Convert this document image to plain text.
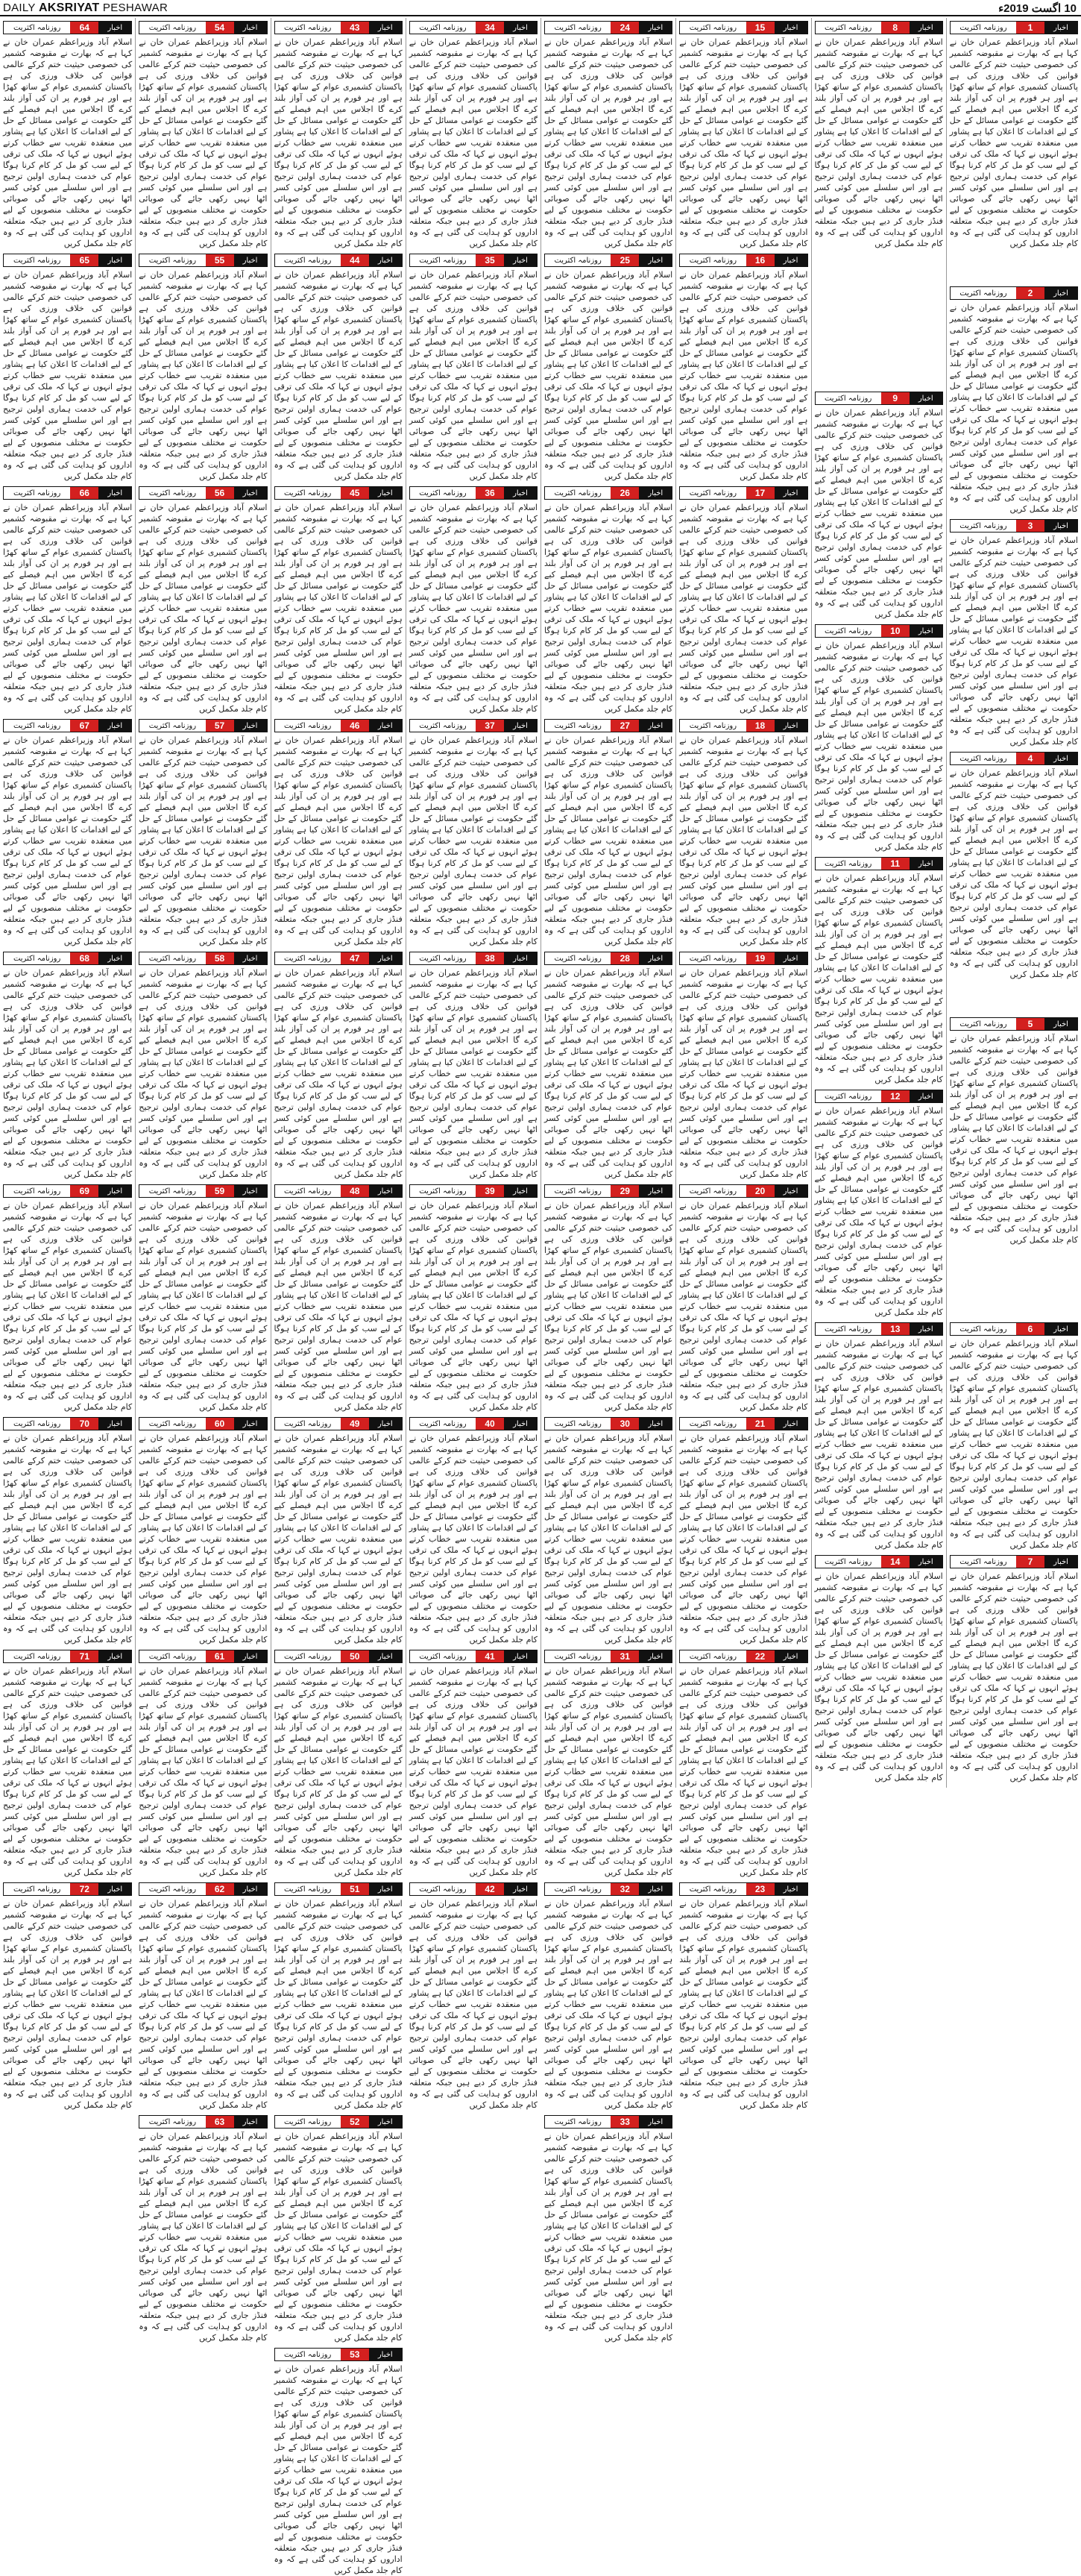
DAILY AKSRIYAT PESHAWAR	10 اگست 2019ء
اخبار
1
روزنامہ اکثریت
اسلام آباد وزیراعظم عمران خان نے کہا ہے کہ بھارت نے مقبوضہ کشمیر کی خصوصی حیثیت ختم کرکے عالمی قوانین کی خلاف ورزی کی ہے پاکستان کشمیری عوام کے ساتھ کھڑا ہے اور ہر فورم پر ان کی آواز بلند کرے گا اجلاس میں اہم فیصلے کیے گئے حکومت نے عوامی مسائل کے حل کے لیے اقدامات کا اعلان کیا ہے پشاور میں منعقدہ تقریب سے خطاب کرتے ہوئے انہوں نے کہا کہ ملک کی ترقی کے لیے سب کو مل کر کام کرنا ہوگا عوام کی خدمت ہماری اولین ترجیح ہے اور اس سلسلے میں کوئی کسر اٹھا نہیں رکھی جائے گی صوبائی حکومت نے مختلف منصوبوں کے لیے فنڈز جاری کر دیے ہیں جبکہ متعلقہ اداروں کو ہدایت کی گئی ہے کہ وہ کام جلد مکمل کریں
اخبار
2
روزنامہ اکثریت
اسلام آباد وزیراعظم عمران خان نے کہا ہے کہ بھارت نے مقبوضہ کشمیر کی خصوصی حیثیت ختم کرکے عالمی قوانین کی خلاف ورزی کی ہے پاکستان کشمیری عوام کے ساتھ کھڑا ہے اور ہر فورم پر ان کی آواز بلند کرے گا اجلاس میں اہم فیصلے کیے گئے حکومت نے عوامی مسائل کے حل کے لیے اقدامات کا اعلان کیا ہے پشاور میں منعقدہ تقریب سے خطاب کرتے ہوئے انہوں نے کہا کہ ملک کی ترقی کے لیے سب کو مل کر کام کرنا ہوگا عوام کی خدمت ہماری اولین ترجیح ہے اور اس سلسلے میں کوئی کسر اٹھا نہیں رکھی جائے گی صوبائی حکومت نے مختلف منصوبوں کے لیے فنڈز جاری کر دیے ہیں جبکہ متعلقہ اداروں کو ہدایت کی گئی ہے کہ وہ کام جلد مکمل کریں
اخبار
3
روزنامہ اکثریت
اسلام آباد وزیراعظم عمران خان نے کہا ہے کہ بھارت نے مقبوضہ کشمیر کی خصوصی حیثیت ختم کرکے عالمی قوانین کی خلاف ورزی کی ہے پاکستان کشمیری عوام کے ساتھ کھڑا ہے اور ہر فورم پر ان کی آواز بلند کرے گا اجلاس میں اہم فیصلے کیے گئے حکومت نے عوامی مسائل کے حل کے لیے اقدامات کا اعلان کیا ہے پشاور میں منعقدہ تقریب سے خطاب کرتے ہوئے انہوں نے کہا کہ ملک کی ترقی کے لیے سب کو مل کر کام کرنا ہوگا عوام کی خدمت ہماری اولین ترجیح ہے اور اس سلسلے میں کوئی کسر اٹھا نہیں رکھی جائے گی صوبائی حکومت نے مختلف منصوبوں کے لیے فنڈز جاری کر دیے ہیں جبکہ متعلقہ اداروں کو ہدایت کی گئی ہے کہ وہ کام جلد مکمل کریں
اخبار
4
روزنامہ اکثریت
اسلام آباد وزیراعظم عمران خان نے کہا ہے کہ بھارت نے مقبوضہ کشمیر کی خصوصی حیثیت ختم کرکے عالمی قوانین کی خلاف ورزی کی ہے پاکستان کشمیری عوام کے ساتھ کھڑا ہے اور ہر فورم پر ان کی آواز بلند کرے گا اجلاس میں اہم فیصلے کیے گئے حکومت نے عوامی مسائل کے حل کے لیے اقدامات کا اعلان کیا ہے پشاور میں منعقدہ تقریب سے خطاب کرتے ہوئے انہوں نے کہا کہ ملک کی ترقی کے لیے سب کو مل کر کام کرنا ہوگا عوام کی خدمت ہماری اولین ترجیح ہے اور اس سلسلے میں کوئی کسر اٹھا نہیں رکھی جائے گی صوبائی حکومت نے مختلف منصوبوں کے لیے فنڈز جاری کر دیے ہیں جبکہ متعلقہ اداروں کو ہدایت کی گئی ہے کہ وہ کام جلد مکمل کریں
اخبار
5
روزنامہ اکثریت
اسلام آباد وزیراعظم عمران خان نے کہا ہے کہ بھارت نے مقبوضہ کشمیر کی خصوصی حیثیت ختم کرکے عالمی قوانین کی خلاف ورزی کی ہے پاکستان کشمیری عوام کے ساتھ کھڑا ہے اور ہر فورم پر ان کی آواز بلند کرے گا اجلاس میں اہم فیصلے کیے گئے حکومت نے عوامی مسائل کے حل کے لیے اقدامات کا اعلان کیا ہے پشاور میں منعقدہ تقریب سے خطاب کرتے ہوئے انہوں نے کہا کہ ملک کی ترقی کے لیے سب کو مل کر کام کرنا ہوگا عوام کی خدمت ہماری اولین ترجیح ہے اور اس سلسلے میں کوئی کسر اٹھا نہیں رکھی جائے گی صوبائی حکومت نے مختلف منصوبوں کے لیے فنڈز جاری کر دیے ہیں جبکہ متعلقہ اداروں کو ہدایت کی گئی ہے کہ وہ کام جلد مکمل کریں
اخبار
6
روزنامہ اکثریت
اسلام آباد وزیراعظم عمران خان نے کہا ہے کہ بھارت نے مقبوضہ کشمیر کی خصوصی حیثیت ختم کرکے عالمی قوانین کی خلاف ورزی کی ہے پاکستان کشمیری عوام کے ساتھ کھڑا ہے اور ہر فورم پر ان کی آواز بلند کرے گا اجلاس میں اہم فیصلے کیے گئے حکومت نے عوامی مسائل کے حل کے لیے اقدامات کا اعلان کیا ہے پشاور میں منعقدہ تقریب سے خطاب کرتے ہوئے انہوں نے کہا کہ ملک کی ترقی کے لیے سب کو مل کر کام کرنا ہوگا عوام کی خدمت ہماری اولین ترجیح ہے اور اس سلسلے میں کوئی کسر اٹھا نہیں رکھی جائے گی صوبائی حکومت نے مختلف منصوبوں کے لیے فنڈز جاری کر دیے ہیں جبکہ متعلقہ اداروں کو ہدایت کی گئی ہے کہ وہ کام جلد مکمل کریں
اخبار
7
روزنامہ اکثریت
اسلام آباد وزیراعظم عمران خان نے کہا ہے کہ بھارت نے مقبوضہ کشمیر کی خصوصی حیثیت ختم کرکے عالمی قوانین کی خلاف ورزی کی ہے پاکستان کشمیری عوام کے ساتھ کھڑا ہے اور ہر فورم پر ان کی آواز بلند کرے گا اجلاس میں اہم فیصلے کیے گئے حکومت نے عوامی مسائل کے حل کے لیے اقدامات کا اعلان کیا ہے پشاور میں منعقدہ تقریب سے خطاب کرتے ہوئے انہوں نے کہا کہ ملک کی ترقی کے لیے سب کو مل کر کام کرنا ہوگا عوام کی خدمت ہماری اولین ترجیح ہے اور اس سلسلے میں کوئی کسر اٹھا نہیں رکھی جائے گی صوبائی حکومت نے مختلف منصوبوں کے لیے فنڈز جاری کر دیے ہیں جبکہ متعلقہ اداروں کو ہدایت کی گئی ہے کہ وہ کام جلد مکمل کریں
اخبار
8
روزنامہ اکثریت
اسلام آباد وزیراعظم عمران خان نے کہا ہے کہ بھارت نے مقبوضہ کشمیر کی خصوصی حیثیت ختم کرکے عالمی قوانین کی خلاف ورزی کی ہے پاکستان کشمیری عوام کے ساتھ کھڑا ہے اور ہر فورم پر ان کی آواز بلند کرے گا اجلاس میں اہم فیصلے کیے گئے حکومت نے عوامی مسائل کے حل کے لیے اقدامات کا اعلان کیا ہے پشاور میں منعقدہ تقریب سے خطاب کرتے ہوئے انہوں نے کہا کہ ملک کی ترقی کے لیے سب کو مل کر کام کرنا ہوگا عوام کی خدمت ہماری اولین ترجیح ہے اور اس سلسلے میں کوئی کسر اٹھا نہیں رکھی جائے گی صوبائی حکومت نے مختلف منصوبوں کے لیے فنڈز جاری کر دیے ہیں جبکہ متعلقہ اداروں کو ہدایت کی گئی ہے کہ وہ کام جلد مکمل کریں
اخبار
9
روزنامہ اکثریت
اسلام آباد وزیراعظم عمران خان نے کہا ہے کہ بھارت نے مقبوضہ کشمیر کی خصوصی حیثیت ختم کرکے عالمی قوانین کی خلاف ورزی کی ہے پاکستان کشمیری عوام کے ساتھ کھڑا ہے اور ہر فورم پر ان کی آواز بلند کرے گا اجلاس میں اہم فیصلے کیے گئے حکومت نے عوامی مسائل کے حل کے لیے اقدامات کا اعلان کیا ہے پشاور میں منعقدہ تقریب سے خطاب کرتے ہوئے انہوں نے کہا کہ ملک کی ترقی کے لیے سب کو مل کر کام کرنا ہوگا عوام کی خدمت ہماری اولین ترجیح ہے اور اس سلسلے میں کوئی کسر اٹھا نہیں رکھی جائے گی صوبائی حکومت نے مختلف منصوبوں کے لیے فنڈز جاری کر دیے ہیں جبکہ متعلقہ اداروں کو ہدایت کی گئی ہے کہ وہ کام جلد مکمل کریں
اخبار
10
روزنامہ اکثریت
اسلام آباد وزیراعظم عمران خان نے کہا ہے کہ بھارت نے مقبوضہ کشمیر کی خصوصی حیثیت ختم کرکے عالمی قوانین کی خلاف ورزی کی ہے پاکستان کشمیری عوام کے ساتھ کھڑا ہے اور ہر فورم پر ان کی آواز بلند کرے گا اجلاس میں اہم فیصلے کیے گئے حکومت نے عوامی مسائل کے حل کے لیے اقدامات کا اعلان کیا ہے پشاور میں منعقدہ تقریب سے خطاب کرتے ہوئے انہوں نے کہا کہ ملک کی ترقی کے لیے سب کو مل کر کام کرنا ہوگا عوام کی خدمت ہماری اولین ترجیح ہے اور اس سلسلے میں کوئی کسر اٹھا نہیں رکھی جائے گی صوبائی حکومت نے مختلف منصوبوں کے لیے فنڈز جاری کر دیے ہیں جبکہ متعلقہ اداروں کو ہدایت کی گئی ہے کہ وہ کام جلد مکمل کریں
اخبار
11
روزنامہ اکثریت
اسلام آباد وزیراعظم عمران خان نے کہا ہے کہ بھارت نے مقبوضہ کشمیر کی خصوصی حیثیت ختم کرکے عالمی قوانین کی خلاف ورزی کی ہے پاکستان کشمیری عوام کے ساتھ کھڑا ہے اور ہر فورم پر ان کی آواز بلند کرے گا اجلاس میں اہم فیصلے کیے گئے حکومت نے عوامی مسائل کے حل کے لیے اقدامات کا اعلان کیا ہے پشاور میں منعقدہ تقریب سے خطاب کرتے ہوئے انہوں نے کہا کہ ملک کی ترقی کے لیے سب کو مل کر کام کرنا ہوگا عوام کی خدمت ہماری اولین ترجیح ہے اور اس سلسلے میں کوئی کسر اٹھا نہیں رکھی جائے گی صوبائی حکومت نے مختلف منصوبوں کے لیے فنڈز جاری کر دیے ہیں جبکہ متعلقہ اداروں کو ہدایت کی گئی ہے کہ وہ کام جلد مکمل کریں
اخبار
12
روزنامہ اکثریت
اسلام آباد وزیراعظم عمران خان نے کہا ہے کہ بھارت نے مقبوضہ کشمیر کی خصوصی حیثیت ختم کرکے عالمی قوانین کی خلاف ورزی کی ہے پاکستان کشمیری عوام کے ساتھ کھڑا ہے اور ہر فورم پر ان کی آواز بلند کرے گا اجلاس میں اہم فیصلے کیے گئے حکومت نے عوامی مسائل کے حل کے لیے اقدامات کا اعلان کیا ہے پشاور میں منعقدہ تقریب سے خطاب کرتے ہوئے انہوں نے کہا کہ ملک کی ترقی کے لیے سب کو مل کر کام کرنا ہوگا عوام کی خدمت ہماری اولین ترجیح ہے اور اس سلسلے میں کوئی کسر اٹھا نہیں رکھی جائے گی صوبائی حکومت نے مختلف منصوبوں کے لیے فنڈز جاری کر دیے ہیں جبکہ متعلقہ اداروں کو ہدایت کی گئی ہے کہ وہ کام جلد مکمل کریں
اخبار
13
روزنامہ اکثریت
اسلام آباد وزیراعظم عمران خان نے کہا ہے کہ بھارت نے مقبوضہ کشمیر کی خصوصی حیثیت ختم کرکے عالمی قوانین کی خلاف ورزی کی ہے پاکستان کشمیری عوام کے ساتھ کھڑا ہے اور ہر فورم پر ان کی آواز بلند کرے گا اجلاس میں اہم فیصلے کیے گئے حکومت نے عوامی مسائل کے حل کے لیے اقدامات کا اعلان کیا ہے پشاور میں منعقدہ تقریب سے خطاب کرتے ہوئے انہوں نے کہا کہ ملک کی ترقی کے لیے سب کو مل کر کام کرنا ہوگا عوام کی خدمت ہماری اولین ترجیح ہے اور اس سلسلے میں کوئی کسر اٹھا نہیں رکھی جائے گی صوبائی حکومت نے مختلف منصوبوں کے لیے فنڈز جاری کر دیے ہیں جبکہ متعلقہ اداروں کو ہدایت کی گئی ہے کہ وہ کام جلد مکمل کریں
اخبار
14
روزنامہ اکثریت
اسلام آباد وزیراعظم عمران خان نے کہا ہے کہ بھارت نے مقبوضہ کشمیر کی خصوصی حیثیت ختم کرکے عالمی قوانین کی خلاف ورزی کی ہے پاکستان کشمیری عوام کے ساتھ کھڑا ہے اور ہر فورم پر ان کی آواز بلند کرے گا اجلاس میں اہم فیصلے کیے گئے حکومت نے عوامی مسائل کے حل کے لیے اقدامات کا اعلان کیا ہے پشاور میں منعقدہ تقریب سے خطاب کرتے ہوئے انہوں نے کہا کہ ملک کی ترقی کے لیے سب کو مل کر کام کرنا ہوگا عوام کی خدمت ہماری اولین ترجیح ہے اور اس سلسلے میں کوئی کسر اٹھا نہیں رکھی جائے گی صوبائی حکومت نے مختلف منصوبوں کے لیے فنڈز جاری کر دیے ہیں جبکہ متعلقہ اداروں کو ہدایت کی گئی ہے کہ وہ کام جلد مکمل کریں
اخبار
15
روزنامہ اکثریت
اسلام آباد وزیراعظم عمران خان نے کہا ہے کہ بھارت نے مقبوضہ کشمیر کی خصوصی حیثیت ختم کرکے عالمی قوانین کی خلاف ورزی کی ہے پاکستان کشمیری عوام کے ساتھ کھڑا ہے اور ہر فورم پر ان کی آواز بلند کرے گا اجلاس میں اہم فیصلے کیے گئے حکومت نے عوامی مسائل کے حل کے لیے اقدامات کا اعلان کیا ہے پشاور میں منعقدہ تقریب سے خطاب کرتے ہوئے انہوں نے کہا کہ ملک کی ترقی کے لیے سب کو مل کر کام کرنا ہوگا عوام کی خدمت ہماری اولین ترجیح ہے اور اس سلسلے میں کوئی کسر اٹھا نہیں رکھی جائے گی صوبائی حکومت نے مختلف منصوبوں کے لیے فنڈز جاری کر دیے ہیں جبکہ متعلقہ اداروں کو ہدایت کی گئی ہے کہ وہ کام جلد مکمل کریں
اخبار
16
روزنامہ اکثریت
اسلام آباد وزیراعظم عمران خان نے کہا ہے کہ بھارت نے مقبوضہ کشمیر کی خصوصی حیثیت ختم کرکے عالمی قوانین کی خلاف ورزی کی ہے پاکستان کشمیری عوام کے ساتھ کھڑا ہے اور ہر فورم پر ان کی آواز بلند کرے گا اجلاس میں اہم فیصلے کیے گئے حکومت نے عوامی مسائل کے حل کے لیے اقدامات کا اعلان کیا ہے پشاور میں منعقدہ تقریب سے خطاب کرتے ہوئے انہوں نے کہا کہ ملک کی ترقی کے لیے سب کو مل کر کام کرنا ہوگا عوام کی خدمت ہماری اولین ترجیح ہے اور اس سلسلے میں کوئی کسر اٹھا نہیں رکھی جائے گی صوبائی حکومت نے مختلف منصوبوں کے لیے فنڈز جاری کر دیے ہیں جبکہ متعلقہ اداروں کو ہدایت کی گئی ہے کہ وہ کام جلد مکمل کریں
اخبار
17
روزنامہ اکثریت
اسلام آباد وزیراعظم عمران خان نے کہا ہے کہ بھارت نے مقبوضہ کشمیر کی خصوصی حیثیت ختم کرکے عالمی قوانین کی خلاف ورزی کی ہے پاکستان کشمیری عوام کے ساتھ کھڑا ہے اور ہر فورم پر ان کی آواز بلند کرے گا اجلاس میں اہم فیصلے کیے گئے حکومت نے عوامی مسائل کے حل کے لیے اقدامات کا اعلان کیا ہے پشاور میں منعقدہ تقریب سے خطاب کرتے ہوئے انہوں نے کہا کہ ملک کی ترقی کے لیے سب کو مل کر کام کرنا ہوگا عوام کی خدمت ہماری اولین ترجیح ہے اور اس سلسلے میں کوئی کسر اٹھا نہیں رکھی جائے گی صوبائی حکومت نے مختلف منصوبوں کے لیے فنڈز جاری کر دیے ہیں جبکہ متعلقہ اداروں کو ہدایت کی گئی ہے کہ وہ کام جلد مکمل کریں
اخبار
18
روزنامہ اکثریت
اسلام آباد وزیراعظم عمران خان نے کہا ہے کہ بھارت نے مقبوضہ کشمیر کی خصوصی حیثیت ختم کرکے عالمی قوانین کی خلاف ورزی کی ہے پاکستان کشمیری عوام کے ساتھ کھڑا ہے اور ہر فورم پر ان کی آواز بلند کرے گا اجلاس میں اہم فیصلے کیے گئے حکومت نے عوامی مسائل کے حل کے لیے اقدامات کا اعلان کیا ہے پشاور میں منعقدہ تقریب سے خطاب کرتے ہوئے انہوں نے کہا کہ ملک کی ترقی کے لیے سب کو مل کر کام کرنا ہوگا عوام کی خدمت ہماری اولین ترجیح ہے اور اس سلسلے میں کوئی کسر اٹھا نہیں رکھی جائے گی صوبائی حکومت نے مختلف منصوبوں کے لیے فنڈز جاری کر دیے ہیں جبکہ متعلقہ اداروں کو ہدایت کی گئی ہے کہ وہ کام جلد مکمل کریں
اخبار
19
روزنامہ اکثریت
اسلام آباد وزیراعظم عمران خان نے کہا ہے کہ بھارت نے مقبوضہ کشمیر کی خصوصی حیثیت ختم کرکے عالمی قوانین کی خلاف ورزی کی ہے پاکستان کشمیری عوام کے ساتھ کھڑا ہے اور ہر فورم پر ان کی آواز بلند کرے گا اجلاس میں اہم فیصلے کیے گئے حکومت نے عوامی مسائل کے حل کے لیے اقدامات کا اعلان کیا ہے پشاور میں منعقدہ تقریب سے خطاب کرتے ہوئے انہوں نے کہا کہ ملک کی ترقی کے لیے سب کو مل کر کام کرنا ہوگا عوام کی خدمت ہماری اولین ترجیح ہے اور اس سلسلے میں کوئی کسر اٹھا نہیں رکھی جائے گی صوبائی حکومت نے مختلف منصوبوں کے لیے فنڈز جاری کر دیے ہیں جبکہ متعلقہ اداروں کو ہدایت کی گئی ہے کہ وہ کام جلد مکمل کریں
اخبار
20
روزنامہ اکثریت
اسلام آباد وزیراعظم عمران خان نے کہا ہے کہ بھارت نے مقبوضہ کشمیر کی خصوصی حیثیت ختم کرکے عالمی قوانین کی خلاف ورزی کی ہے پاکستان کشمیری عوام کے ساتھ کھڑا ہے اور ہر فورم پر ان کی آواز بلند کرے گا اجلاس میں اہم فیصلے کیے گئے حکومت نے عوامی مسائل کے حل کے لیے اقدامات کا اعلان کیا ہے پشاور میں منعقدہ تقریب سے خطاب کرتے ہوئے انہوں نے کہا کہ ملک کی ترقی کے لیے سب کو مل کر کام کرنا ہوگا عوام کی خدمت ہماری اولین ترجیح ہے اور اس سلسلے میں کوئی کسر اٹھا نہیں رکھی جائے گی صوبائی حکومت نے مختلف منصوبوں کے لیے فنڈز جاری کر دیے ہیں جبکہ متعلقہ اداروں کو ہدایت کی گئی ہے کہ وہ کام جلد مکمل کریں
اخبار
21
روزنامہ اکثریت
اسلام آباد وزیراعظم عمران خان نے کہا ہے کہ بھارت نے مقبوضہ کشمیر کی خصوصی حیثیت ختم کرکے عالمی قوانین کی خلاف ورزی کی ہے پاکستان کشمیری عوام کے ساتھ کھڑا ہے اور ہر فورم پر ان کی آواز بلند کرے گا اجلاس میں اہم فیصلے کیے گئے حکومت نے عوامی مسائل کے حل کے لیے اقدامات کا اعلان کیا ہے پشاور میں منعقدہ تقریب سے خطاب کرتے ہوئے انہوں نے کہا کہ ملک کی ترقی کے لیے سب کو مل کر کام کرنا ہوگا عوام کی خدمت ہماری اولین ترجیح ہے اور اس سلسلے میں کوئی کسر اٹھا نہیں رکھی جائے گی صوبائی حکومت نے مختلف منصوبوں کے لیے فنڈز جاری کر دیے ہیں جبکہ متعلقہ اداروں کو ہدایت کی گئی ہے کہ وہ کام جلد مکمل کریں
اخبار
22
روزنامہ اکثریت
اسلام آباد وزیراعظم عمران خان نے کہا ہے کہ بھارت نے مقبوضہ کشمیر کی خصوصی حیثیت ختم کرکے عالمی قوانین کی خلاف ورزی کی ہے پاکستان کشمیری عوام کے ساتھ کھڑا ہے اور ہر فورم پر ان کی آواز بلند کرے گا اجلاس میں اہم فیصلے کیے گئے حکومت نے عوامی مسائل کے حل کے لیے اقدامات کا اعلان کیا ہے پشاور میں منعقدہ تقریب سے خطاب کرتے ہوئے انہوں نے کہا کہ ملک کی ترقی کے لیے سب کو مل کر کام کرنا ہوگا عوام کی خدمت ہماری اولین ترجیح ہے اور اس سلسلے میں کوئی کسر اٹھا نہیں رکھی جائے گی صوبائی حکومت نے مختلف منصوبوں کے لیے فنڈز جاری کر دیے ہیں جبکہ متعلقہ اداروں کو ہدایت کی گئی ہے کہ وہ کام جلد مکمل کریں
اخبار
23
روزنامہ اکثریت
اسلام آباد وزیراعظم عمران خان نے کہا ہے کہ بھارت نے مقبوضہ کشمیر کی خصوصی حیثیت ختم کرکے عالمی قوانین کی خلاف ورزی کی ہے پاکستان کشمیری عوام کے ساتھ کھڑا ہے اور ہر فورم پر ان کی آواز بلند کرے گا اجلاس میں اہم فیصلے کیے گئے حکومت نے عوامی مسائل کے حل کے لیے اقدامات کا اعلان کیا ہے پشاور میں منعقدہ تقریب سے خطاب کرتے ہوئے انہوں نے کہا کہ ملک کی ترقی کے لیے سب کو مل کر کام کرنا ہوگا عوام کی خدمت ہماری اولین ترجیح ہے اور اس سلسلے میں کوئی کسر اٹھا نہیں رکھی جائے گی صوبائی حکومت نے مختلف منصوبوں کے لیے فنڈز جاری کر دیے ہیں جبکہ متعلقہ اداروں کو ہدایت کی گئی ہے کہ وہ کام جلد مکمل کریں
اخبار
24
روزنامہ اکثریت
اسلام آباد وزیراعظم عمران خان نے کہا ہے کہ بھارت نے مقبوضہ کشمیر کی خصوصی حیثیت ختم کرکے عالمی قوانین کی خلاف ورزی کی ہے پاکستان کشمیری عوام کے ساتھ کھڑا ہے اور ہر فورم پر ان کی آواز بلند کرے گا اجلاس میں اہم فیصلے کیے گئے حکومت نے عوامی مسائل کے حل کے لیے اقدامات کا اعلان کیا ہے پشاور میں منعقدہ تقریب سے خطاب کرتے ہوئے انہوں نے کہا کہ ملک کی ترقی کے لیے سب کو مل کر کام کرنا ہوگا عوام کی خدمت ہماری اولین ترجیح ہے اور اس سلسلے میں کوئی کسر اٹھا نہیں رکھی جائے گی صوبائی حکومت نے مختلف منصوبوں کے لیے فنڈز جاری کر دیے ہیں جبکہ متعلقہ اداروں کو ہدایت کی گئی ہے کہ وہ کام جلد مکمل کریں
اخبار
25
روزنامہ اکثریت
اسلام آباد وزیراعظم عمران خان نے کہا ہے کہ بھارت نے مقبوضہ کشمیر کی خصوصی حیثیت ختم کرکے عالمی قوانین کی خلاف ورزی کی ہے پاکستان کشمیری عوام کے ساتھ کھڑا ہے اور ہر فورم پر ان کی آواز بلند کرے گا اجلاس میں اہم فیصلے کیے گئے حکومت نے عوامی مسائل کے حل کے لیے اقدامات کا اعلان کیا ہے پشاور میں منعقدہ تقریب سے خطاب کرتے ہوئے انہوں نے کہا کہ ملک کی ترقی کے لیے سب کو مل کر کام کرنا ہوگا عوام کی خدمت ہماری اولین ترجیح ہے اور اس سلسلے میں کوئی کسر اٹھا نہیں رکھی جائے گی صوبائی حکومت نے مختلف منصوبوں کے لیے فنڈز جاری کر دیے ہیں جبکہ متعلقہ اداروں کو ہدایت کی گئی ہے کہ وہ کام جلد مکمل کریں
اخبار
26
روزنامہ اکثریت
اسلام آباد وزیراعظم عمران خان نے کہا ہے کہ بھارت نے مقبوضہ کشمیر کی خصوصی حیثیت ختم کرکے عالمی قوانین کی خلاف ورزی کی ہے پاکستان کشمیری عوام کے ساتھ کھڑا ہے اور ہر فورم پر ان کی آواز بلند کرے گا اجلاس میں اہم فیصلے کیے گئے حکومت نے عوامی مسائل کے حل کے لیے اقدامات کا اعلان کیا ہے پشاور میں منعقدہ تقریب سے خطاب کرتے ہوئے انہوں نے کہا کہ ملک کی ترقی کے لیے سب کو مل کر کام کرنا ہوگا عوام کی خدمت ہماری اولین ترجیح ہے اور اس سلسلے میں کوئی کسر اٹھا نہیں رکھی جائے گی صوبائی حکومت نے مختلف منصوبوں کے لیے فنڈز جاری کر دیے ہیں جبکہ متعلقہ اداروں کو ہدایت کی گئی ہے کہ وہ کام جلد مکمل کریں
اخبار
27
روزنامہ اکثریت
اسلام آباد وزیراعظم عمران خان نے کہا ہے کہ بھارت نے مقبوضہ کشمیر کی خصوصی حیثیت ختم کرکے عالمی قوانین کی خلاف ورزی کی ہے پاکستان کشمیری عوام کے ساتھ کھڑا ہے اور ہر فورم پر ان کی آواز بلند کرے گا اجلاس میں اہم فیصلے کیے گئے حکومت نے عوامی مسائل کے حل کے لیے اقدامات کا اعلان کیا ہے پشاور میں منعقدہ تقریب سے خطاب کرتے ہوئے انہوں نے کہا کہ ملک کی ترقی کے لیے سب کو مل کر کام کرنا ہوگا عوام کی خدمت ہماری اولین ترجیح ہے اور اس سلسلے میں کوئی کسر اٹھا نہیں رکھی جائے گی صوبائی حکومت نے مختلف منصوبوں کے لیے فنڈز جاری کر دیے ہیں جبکہ متعلقہ اداروں کو ہدایت کی گئی ہے کہ وہ کام جلد مکمل کریں
اخبار
28
روزنامہ اکثریت
اسلام آباد وزیراعظم عمران خان نے کہا ہے کہ بھارت نے مقبوضہ کشمیر کی خصوصی حیثیت ختم کرکے عالمی قوانین کی خلاف ورزی کی ہے پاکستان کشمیری عوام کے ساتھ کھڑا ہے اور ہر فورم پر ان کی آواز بلند کرے گا اجلاس میں اہم فیصلے کیے گئے حکومت نے عوامی مسائل کے حل کے لیے اقدامات کا اعلان کیا ہے پشاور میں منعقدہ تقریب سے خطاب کرتے ہوئے انہوں نے کہا کہ ملک کی ترقی کے لیے سب کو مل کر کام کرنا ہوگا عوام کی خدمت ہماری اولین ترجیح ہے اور اس سلسلے میں کوئی کسر اٹھا نہیں رکھی جائے گی صوبائی حکومت نے مختلف منصوبوں کے لیے فنڈز جاری کر دیے ہیں جبکہ متعلقہ اداروں کو ہدایت کی گئی ہے کہ وہ کام جلد مکمل کریں
اخبار
29
روزنامہ اکثریت
اسلام آباد وزیراعظم عمران خان نے کہا ہے کہ بھارت نے مقبوضہ کشمیر کی خصوصی حیثیت ختم کرکے عالمی قوانین کی خلاف ورزی کی ہے پاکستان کشمیری عوام کے ساتھ کھڑا ہے اور ہر فورم پر ان کی آواز بلند کرے گا اجلاس میں اہم فیصلے کیے گئے حکومت نے عوامی مسائل کے حل کے لیے اقدامات کا اعلان کیا ہے پشاور میں منعقدہ تقریب سے خطاب کرتے ہوئے انہوں نے کہا کہ ملک کی ترقی کے لیے سب کو مل کر کام کرنا ہوگا عوام کی خدمت ہماری اولین ترجیح ہے اور اس سلسلے میں کوئی کسر اٹھا نہیں رکھی جائے گی صوبائی حکومت نے مختلف منصوبوں کے لیے فنڈز جاری کر دیے ہیں جبکہ متعلقہ اداروں کو ہدایت کی گئی ہے کہ وہ کام جلد مکمل کریں
اخبار
30
روزنامہ اکثریت
اسلام آباد وزیراعظم عمران خان نے کہا ہے کہ بھارت نے مقبوضہ کشمیر کی خصوصی حیثیت ختم کرکے عالمی قوانین کی خلاف ورزی کی ہے پاکستان کشمیری عوام کے ساتھ کھڑا ہے اور ہر فورم پر ان کی آواز بلند کرے گا اجلاس میں اہم فیصلے کیے گئے حکومت نے عوامی مسائل کے حل کے لیے اقدامات کا اعلان کیا ہے پشاور میں منعقدہ تقریب سے خطاب کرتے ہوئے انہوں نے کہا کہ ملک کی ترقی کے لیے سب کو مل کر کام کرنا ہوگا عوام کی خدمت ہماری اولین ترجیح ہے اور اس سلسلے میں کوئی کسر اٹھا نہیں رکھی جائے گی صوبائی حکومت نے مختلف منصوبوں کے لیے فنڈز جاری کر دیے ہیں جبکہ متعلقہ اداروں کو ہدایت کی گئی ہے کہ وہ کام جلد مکمل کریں
اخبار
31
روزنامہ اکثریت
اسلام آباد وزیراعظم عمران خان نے کہا ہے کہ بھارت نے مقبوضہ کشمیر کی خصوصی حیثیت ختم کرکے عالمی قوانین کی خلاف ورزی کی ہے پاکستان کشمیری عوام کے ساتھ کھڑا ہے اور ہر فورم پر ان کی آواز بلند کرے گا اجلاس میں اہم فیصلے کیے گئے حکومت نے عوامی مسائل کے حل کے لیے اقدامات کا اعلان کیا ہے پشاور میں منعقدہ تقریب سے خطاب کرتے ہوئے انہوں نے کہا کہ ملک کی ترقی کے لیے سب کو مل کر کام کرنا ہوگا عوام کی خدمت ہماری اولین ترجیح ہے اور اس سلسلے میں کوئی کسر اٹھا نہیں رکھی جائے گی صوبائی حکومت نے مختلف منصوبوں کے لیے فنڈز جاری کر دیے ہیں جبکہ متعلقہ اداروں کو ہدایت کی گئی ہے کہ وہ کام جلد مکمل کریں
اخبار
32
روزنامہ اکثریت
اسلام آباد وزیراعظم عمران خان نے کہا ہے کہ بھارت نے مقبوضہ کشمیر کی خصوصی حیثیت ختم کرکے عالمی قوانین کی خلاف ورزی کی ہے پاکستان کشمیری عوام کے ساتھ کھڑا ہے اور ہر فورم پر ان کی آواز بلند کرے گا اجلاس میں اہم فیصلے کیے گئے حکومت نے عوامی مسائل کے حل کے لیے اقدامات کا اعلان کیا ہے پشاور میں منعقدہ تقریب سے خطاب کرتے ہوئے انہوں نے کہا کہ ملک کی ترقی کے لیے سب کو مل کر کام کرنا ہوگا عوام کی خدمت ہماری اولین ترجیح ہے اور اس سلسلے میں کوئی کسر اٹھا نہیں رکھی جائے گی صوبائی حکومت نے مختلف منصوبوں کے لیے فنڈز جاری کر دیے ہیں جبکہ متعلقہ اداروں کو ہدایت کی گئی ہے کہ وہ کام جلد مکمل کریں
اخبار
33
روزنامہ اکثریت
اسلام آباد وزیراعظم عمران خان نے کہا ہے کہ بھارت نے مقبوضہ کشمیر کی خصوصی حیثیت ختم کرکے عالمی قوانین کی خلاف ورزی کی ہے پاکستان کشمیری عوام کے ساتھ کھڑا ہے اور ہر فورم پر ان کی آواز بلند کرے گا اجلاس میں اہم فیصلے کیے گئے حکومت نے عوامی مسائل کے حل کے لیے اقدامات کا اعلان کیا ہے پشاور میں منعقدہ تقریب سے خطاب کرتے ہوئے انہوں نے کہا کہ ملک کی ترقی کے لیے سب کو مل کر کام کرنا ہوگا عوام کی خدمت ہماری اولین ترجیح ہے اور اس سلسلے میں کوئی کسر اٹھا نہیں رکھی جائے گی صوبائی حکومت نے مختلف منصوبوں کے لیے فنڈز جاری کر دیے ہیں جبکہ متعلقہ اداروں کو ہدایت کی گئی ہے کہ وہ کام جلد مکمل کریں
اخبار
34
روزنامہ اکثریت
اسلام آباد وزیراعظم عمران خان نے کہا ہے کہ بھارت نے مقبوضہ کشمیر کی خصوصی حیثیت ختم کرکے عالمی قوانین کی خلاف ورزی کی ہے پاکستان کشمیری عوام کے ساتھ کھڑا ہے اور ہر فورم پر ان کی آواز بلند کرے گا اجلاس میں اہم فیصلے کیے گئے حکومت نے عوامی مسائل کے حل کے لیے اقدامات کا اعلان کیا ہے پشاور میں منعقدہ تقریب سے خطاب کرتے ہوئے انہوں نے کہا کہ ملک کی ترقی کے لیے سب کو مل کر کام کرنا ہوگا عوام کی خدمت ہماری اولین ترجیح ہے اور اس سلسلے میں کوئی کسر اٹھا نہیں رکھی جائے گی صوبائی حکومت نے مختلف منصوبوں کے لیے فنڈز جاری کر دیے ہیں جبکہ متعلقہ اداروں کو ہدایت کی گئی ہے کہ وہ کام جلد مکمل کریں
اخبار
35
روزنامہ اکثریت
اسلام آباد وزیراعظم عمران خان نے کہا ہے کہ بھارت نے مقبوضہ کشمیر کی خصوصی حیثیت ختم کرکے عالمی قوانین کی خلاف ورزی کی ہے پاکستان کشمیری عوام کے ساتھ کھڑا ہے اور ہر فورم پر ان کی آواز بلند کرے گا اجلاس میں اہم فیصلے کیے گئے حکومت نے عوامی مسائل کے حل کے لیے اقدامات کا اعلان کیا ہے پشاور میں منعقدہ تقریب سے خطاب کرتے ہوئے انہوں نے کہا کہ ملک کی ترقی کے لیے سب کو مل کر کام کرنا ہوگا عوام کی خدمت ہماری اولین ترجیح ہے اور اس سلسلے میں کوئی کسر اٹھا نہیں رکھی جائے گی صوبائی حکومت نے مختلف منصوبوں کے لیے فنڈز جاری کر دیے ہیں جبکہ متعلقہ اداروں کو ہدایت کی گئی ہے کہ وہ کام جلد مکمل کریں
اخبار
36
روزنامہ اکثریت
اسلام آباد وزیراعظم عمران خان نے کہا ہے کہ بھارت نے مقبوضہ کشمیر کی خصوصی حیثیت ختم کرکے عالمی قوانین کی خلاف ورزی کی ہے پاکستان کشمیری عوام کے ساتھ کھڑا ہے اور ہر فورم پر ان کی آواز بلند کرے گا اجلاس میں اہم فیصلے کیے گئے حکومت نے عوامی مسائل کے حل کے لیے اقدامات کا اعلان کیا ہے پشاور میں منعقدہ تقریب سے خطاب کرتے ہوئے انہوں نے کہا کہ ملک کی ترقی کے لیے سب کو مل کر کام کرنا ہوگا عوام کی خدمت ہماری اولین ترجیح ہے اور اس سلسلے میں کوئی کسر اٹھا نہیں رکھی جائے گی صوبائی حکومت نے مختلف منصوبوں کے لیے فنڈز جاری کر دیے ہیں جبکہ متعلقہ اداروں کو ہدایت کی گئی ہے کہ وہ کام جلد مکمل کریں
اخبار
37
روزنامہ اکثریت
اسلام آباد وزیراعظم عمران خان نے کہا ہے کہ بھارت نے مقبوضہ کشمیر کی خصوصی حیثیت ختم کرکے عالمی قوانین کی خلاف ورزی کی ہے پاکستان کشمیری عوام کے ساتھ کھڑا ہے اور ہر فورم پر ان کی آواز بلند کرے گا اجلاس میں اہم فیصلے کیے گئے حکومت نے عوامی مسائل کے حل کے لیے اقدامات کا اعلان کیا ہے پشاور میں منعقدہ تقریب سے خطاب کرتے ہوئے انہوں نے کہا کہ ملک کی ترقی کے لیے سب کو مل کر کام کرنا ہوگا عوام کی خدمت ہماری اولین ترجیح ہے اور اس سلسلے میں کوئی کسر اٹھا نہیں رکھی جائے گی صوبائی حکومت نے مختلف منصوبوں کے لیے فنڈز جاری کر دیے ہیں جبکہ متعلقہ اداروں کو ہدایت کی گئی ہے کہ وہ کام جلد مکمل کریں
اخبار
38
روزنامہ اکثریت
اسلام آباد وزیراعظم عمران خان نے کہا ہے کہ بھارت نے مقبوضہ کشمیر کی خصوصی حیثیت ختم کرکے عالمی قوانین کی خلاف ورزی کی ہے پاکستان کشمیری عوام کے ساتھ کھڑا ہے اور ہر فورم پر ان کی آواز بلند کرے گا اجلاس میں اہم فیصلے کیے گئے حکومت نے عوامی مسائل کے حل کے لیے اقدامات کا اعلان کیا ہے پشاور میں منعقدہ تقریب سے خطاب کرتے ہوئے انہوں نے کہا کہ ملک کی ترقی کے لیے سب کو مل کر کام کرنا ہوگا عوام کی خدمت ہماری اولین ترجیح ہے اور اس سلسلے میں کوئی کسر اٹھا نہیں رکھی جائے گی صوبائی حکومت نے مختلف منصوبوں کے لیے فنڈز جاری کر دیے ہیں جبکہ متعلقہ اداروں کو ہدایت کی گئی ہے کہ وہ کام جلد مکمل کریں
اخبار
39
روزنامہ اکثریت
اسلام آباد وزیراعظم عمران خان نے کہا ہے کہ بھارت نے مقبوضہ کشمیر کی خصوصی حیثیت ختم کرکے عالمی قوانین کی خلاف ورزی کی ہے پاکستان کشمیری عوام کے ساتھ کھڑا ہے اور ہر فورم پر ان کی آواز بلند کرے گا اجلاس میں اہم فیصلے کیے گئے حکومت نے عوامی مسائل کے حل کے لیے اقدامات کا اعلان کیا ہے پشاور میں منعقدہ تقریب سے خطاب کرتے ہوئے انہوں نے کہا کہ ملک کی ترقی کے لیے سب کو مل کر کام کرنا ہوگا عوام کی خدمت ہماری اولین ترجیح ہے اور اس سلسلے میں کوئی کسر اٹھا نہیں رکھی جائے گی صوبائی حکومت نے مختلف منصوبوں کے لیے فنڈز جاری کر دیے ہیں جبکہ متعلقہ اداروں کو ہدایت کی گئی ہے کہ وہ کام جلد مکمل کریں
اخبار
40
روزنامہ اکثریت
اسلام آباد وزیراعظم عمران خان نے کہا ہے کہ بھارت نے مقبوضہ کشمیر کی خصوصی حیثیت ختم کرکے عالمی قوانین کی خلاف ورزی کی ہے پاکستان کشمیری عوام کے ساتھ کھڑا ہے اور ہر فورم پر ان کی آواز بلند کرے گا اجلاس میں اہم فیصلے کیے گئے حکومت نے عوامی مسائل کے حل کے لیے اقدامات کا اعلان کیا ہے پشاور میں منعقدہ تقریب سے خطاب کرتے ہوئے انہوں نے کہا کہ ملک کی ترقی کے لیے سب کو مل کر کام کرنا ہوگا عوام کی خدمت ہماری اولین ترجیح ہے اور اس سلسلے میں کوئی کسر اٹھا نہیں رکھی جائے گی صوبائی حکومت نے مختلف منصوبوں کے لیے فنڈز جاری کر دیے ہیں جبکہ متعلقہ اداروں کو ہدایت کی گئی ہے کہ وہ کام جلد مکمل کریں
اخبار
41
روزنامہ اکثریت
اسلام آباد وزیراعظم عمران خان نے کہا ہے کہ بھارت نے مقبوضہ کشمیر کی خصوصی حیثیت ختم کرکے عالمی قوانین کی خلاف ورزی کی ہے پاکستان کشمیری عوام کے ساتھ کھڑا ہے اور ہر فورم پر ان کی آواز بلند کرے گا اجلاس میں اہم فیصلے کیے گئے حکومت نے عوامی مسائل کے حل کے لیے اقدامات کا اعلان کیا ہے پشاور میں منعقدہ تقریب سے خطاب کرتے ہوئے انہوں نے کہا کہ ملک کی ترقی کے لیے سب کو مل کر کام کرنا ہوگا عوام کی خدمت ہماری اولین ترجیح ہے اور اس سلسلے میں کوئی کسر اٹھا نہیں رکھی جائے گی صوبائی حکومت نے مختلف منصوبوں کے لیے فنڈز جاری کر دیے ہیں جبکہ متعلقہ اداروں کو ہدایت کی گئی ہے کہ وہ کام جلد مکمل کریں
اخبار
42
روزنامہ اکثریت
اسلام آباد وزیراعظم عمران خان نے کہا ہے کہ بھارت نے مقبوضہ کشمیر کی خصوصی حیثیت ختم کرکے عالمی قوانین کی خلاف ورزی کی ہے پاکستان کشمیری عوام کے ساتھ کھڑا ہے اور ہر فورم پر ان کی آواز بلند کرے گا اجلاس میں اہم فیصلے کیے گئے حکومت نے عوامی مسائل کے حل کے لیے اقدامات کا اعلان کیا ہے پشاور میں منعقدہ تقریب سے خطاب کرتے ہوئے انہوں نے کہا کہ ملک کی ترقی کے لیے سب کو مل کر کام کرنا ہوگا عوام کی خدمت ہماری اولین ترجیح ہے اور اس سلسلے میں کوئی کسر اٹھا نہیں رکھی جائے گی صوبائی حکومت نے مختلف منصوبوں کے لیے فنڈز جاری کر دیے ہیں جبکہ متعلقہ اداروں کو ہدایت کی گئی ہے کہ وہ کام جلد مکمل کریں
اخبار
43
روزنامہ اکثریت
اسلام آباد وزیراعظم عمران خان نے کہا ہے کہ بھارت نے مقبوضہ کشمیر کی خصوصی حیثیت ختم کرکے عالمی قوانین کی خلاف ورزی کی ہے پاکستان کشمیری عوام کے ساتھ کھڑا ہے اور ہر فورم پر ان کی آواز بلند کرے گا اجلاس میں اہم فیصلے کیے گئے حکومت نے عوامی مسائل کے حل کے لیے اقدامات کا اعلان کیا ہے پشاور میں منعقدہ تقریب سے خطاب کرتے ہوئے انہوں نے کہا کہ ملک کی ترقی کے لیے سب کو مل کر کام کرنا ہوگا عوام کی خدمت ہماری اولین ترجیح ہے اور اس سلسلے میں کوئی کسر اٹھا نہیں رکھی جائے گی صوبائی حکومت نے مختلف منصوبوں کے لیے فنڈز جاری کر دیے ہیں جبکہ متعلقہ اداروں کو ہدایت کی گئی ہے کہ وہ کام جلد مکمل کریں
اخبار
44
روزنامہ اکثریت
اسلام آباد وزیراعظم عمران خان نے کہا ہے کہ بھارت نے مقبوضہ کشمیر کی خصوصی حیثیت ختم کرکے عالمی قوانین کی خلاف ورزی کی ہے پاکستان کشمیری عوام کے ساتھ کھڑا ہے اور ہر فورم پر ان کی آواز بلند کرے گا اجلاس میں اہم فیصلے کیے گئے حکومت نے عوامی مسائل کے حل کے لیے اقدامات کا اعلان کیا ہے پشاور میں منعقدہ تقریب سے خطاب کرتے ہوئے انہوں نے کہا کہ ملک کی ترقی کے لیے سب کو مل کر کام کرنا ہوگا عوام کی خدمت ہماری اولین ترجیح ہے اور اس سلسلے میں کوئی کسر اٹھا نہیں رکھی جائے گی صوبائی حکومت نے مختلف منصوبوں کے لیے فنڈز جاری کر دیے ہیں جبکہ متعلقہ اداروں کو ہدایت کی گئی ہے کہ وہ کام جلد مکمل کریں
اخبار
45
روزنامہ اکثریت
اسلام آباد وزیراعظم عمران خان نے کہا ہے کہ بھارت نے مقبوضہ کشمیر کی خصوصی حیثیت ختم کرکے عالمی قوانین کی خلاف ورزی کی ہے پاکستان کشمیری عوام کے ساتھ کھڑا ہے اور ہر فورم پر ان کی آواز بلند کرے گا اجلاس میں اہم فیصلے کیے گئے حکومت نے عوامی مسائل کے حل کے لیے اقدامات کا اعلان کیا ہے پشاور میں منعقدہ تقریب سے خطاب کرتے ہوئے انہوں نے کہا کہ ملک کی ترقی کے لیے سب کو مل کر کام کرنا ہوگا عوام کی خدمت ہماری اولین ترجیح ہے اور اس سلسلے میں کوئی کسر اٹھا نہیں رکھی جائے گی صوبائی حکومت نے مختلف منصوبوں کے لیے فنڈز جاری کر دیے ہیں جبکہ متعلقہ اداروں کو ہدایت کی گئی ہے کہ وہ کام جلد مکمل کریں
اخبار
46
روزنامہ اکثریت
اسلام آباد وزیراعظم عمران خان نے کہا ہے کہ بھارت نے مقبوضہ کشمیر کی خصوصی حیثیت ختم کرکے عالمی قوانین کی خلاف ورزی کی ہے پاکستان کشمیری عوام کے ساتھ کھڑا ہے اور ہر فورم پر ان کی آواز بلند کرے گا اجلاس میں اہم فیصلے کیے گئے حکومت نے عوامی مسائل کے حل کے لیے اقدامات کا اعلان کیا ہے پشاور میں منعقدہ تقریب سے خطاب کرتے ہوئے انہوں نے کہا کہ ملک کی ترقی کے لیے سب کو مل کر کام کرنا ہوگا عوام کی خدمت ہماری اولین ترجیح ہے اور اس سلسلے میں کوئی کسر اٹھا نہیں رکھی جائے گی صوبائی حکومت نے مختلف منصوبوں کے لیے فنڈز جاری کر دیے ہیں جبکہ متعلقہ اداروں کو ہدایت کی گئی ہے کہ وہ کام جلد مکمل کریں
اخبار
47
روزنامہ اکثریت
اسلام آباد وزیراعظم عمران خان نے کہا ہے کہ بھارت نے مقبوضہ کشمیر کی خصوصی حیثیت ختم کرکے عالمی قوانین کی خلاف ورزی کی ہے پاکستان کشمیری عوام کے ساتھ کھڑا ہے اور ہر فورم پر ان کی آواز بلند کرے گا اجلاس میں اہم فیصلے کیے گئے حکومت نے عوامی مسائل کے حل کے لیے اقدامات کا اعلان کیا ہے پشاور میں منعقدہ تقریب سے خطاب کرتے ہوئے انہوں نے کہا کہ ملک کی ترقی کے لیے سب کو مل کر کام کرنا ہوگا عوام کی خدمت ہماری اولین ترجیح ہے اور اس سلسلے میں کوئی کسر اٹھا نہیں رکھی جائے گی صوبائی حکومت نے مختلف منصوبوں کے لیے فنڈز جاری کر دیے ہیں جبکہ متعلقہ اداروں کو ہدایت کی گئی ہے کہ وہ کام جلد مکمل کریں
اخبار
48
روزنامہ اکثریت
اسلام آباد وزیراعظم عمران خان نے کہا ہے کہ بھارت نے مقبوضہ کشمیر کی خصوصی حیثیت ختم کرکے عالمی قوانین کی خلاف ورزی کی ہے پاکستان کشمیری عوام کے ساتھ کھڑا ہے اور ہر فورم پر ان کی آواز بلند کرے گا اجلاس میں اہم فیصلے کیے گئے حکومت نے عوامی مسائل کے حل کے لیے اقدامات کا اعلان کیا ہے پشاور میں منعقدہ تقریب سے خطاب کرتے ہوئے انہوں نے کہا کہ ملک کی ترقی کے لیے سب کو مل کر کام کرنا ہوگا عوام کی خدمت ہماری اولین ترجیح ہے اور اس سلسلے میں کوئی کسر اٹھا نہیں رکھی جائے گی صوبائی حکومت نے مختلف منصوبوں کے لیے فنڈز جاری کر دیے ہیں جبکہ متعلقہ اداروں کو ہدایت کی گئی ہے کہ وہ کام جلد مکمل کریں
اخبار
49
روزنامہ اکثریت
اسلام آباد وزیراعظم عمران خان نے کہا ہے کہ بھارت نے مقبوضہ کشمیر کی خصوصی حیثیت ختم کرکے عالمی قوانین کی خلاف ورزی کی ہے پاکستان کشمیری عوام کے ساتھ کھڑا ہے اور ہر فورم پر ان کی آواز بلند کرے گا اجلاس میں اہم فیصلے کیے گئے حکومت نے عوامی مسائل کے حل کے لیے اقدامات کا اعلان کیا ہے پشاور میں منعقدہ تقریب سے خطاب کرتے ہوئے انہوں نے کہا کہ ملک کی ترقی کے لیے سب کو مل کر کام کرنا ہوگا عوام کی خدمت ہماری اولین ترجیح ہے اور اس سلسلے میں کوئی کسر اٹھا نہیں رکھی جائے گی صوبائی حکومت نے مختلف منصوبوں کے لیے فنڈز جاری کر دیے ہیں جبکہ متعلقہ اداروں کو ہدایت کی گئی ہے کہ وہ کام جلد مکمل کریں
اخبار
50
روزنامہ اکثریت
اسلام آباد وزیراعظم عمران خان نے کہا ہے کہ بھارت نے مقبوضہ کشمیر کی خصوصی حیثیت ختم کرکے عالمی قوانین کی خلاف ورزی کی ہے پاکستان کشمیری عوام کے ساتھ کھڑا ہے اور ہر فورم پر ان کی آواز بلند کرے گا اجلاس میں اہم فیصلے کیے گئے حکومت نے عوامی مسائل کے حل کے لیے اقدامات کا اعلان کیا ہے پشاور میں منعقدہ تقریب سے خطاب کرتے ہوئے انہوں نے کہا کہ ملک کی ترقی کے لیے سب کو مل کر کام کرنا ہوگا عوام کی خدمت ہماری اولین ترجیح ہے اور اس سلسلے میں کوئی کسر اٹھا نہیں رکھی جائے گی صوبائی حکومت نے مختلف منصوبوں کے لیے فنڈز جاری کر دیے ہیں جبکہ متعلقہ اداروں کو ہدایت کی گئی ہے کہ وہ کام جلد مکمل کریں
اخبار
51
روزنامہ اکثریت
اسلام آباد وزیراعظم عمران خان نے کہا ہے کہ بھارت نے مقبوضہ کشمیر کی خصوصی حیثیت ختم کرکے عالمی قوانین کی خلاف ورزی کی ہے پاکستان کشمیری عوام کے ساتھ کھڑا ہے اور ہر فورم پر ان کی آواز بلند کرے گا اجلاس میں اہم فیصلے کیے گئے حکومت نے عوامی مسائل کے حل کے لیے اقدامات کا اعلان کیا ہے پشاور میں منعقدہ تقریب سے خطاب کرتے ہوئے انہوں نے کہا کہ ملک کی ترقی کے لیے سب کو مل کر کام کرنا ہوگا عوام کی خدمت ہماری اولین ترجیح ہے اور اس سلسلے میں کوئی کسر اٹھا نہیں رکھی جائے گی صوبائی حکومت نے مختلف منصوبوں کے لیے فنڈز جاری کر دیے ہیں جبکہ متعلقہ اداروں کو ہدایت کی گئی ہے کہ وہ کام جلد مکمل کریں
اخبار
52
روزنامہ اکثریت
اسلام آباد وزیراعظم عمران خان نے کہا ہے کہ بھارت نے مقبوضہ کشمیر کی خصوصی حیثیت ختم کرکے عالمی قوانین کی خلاف ورزی کی ہے پاکستان کشمیری عوام کے ساتھ کھڑا ہے اور ہر فورم پر ان کی آواز بلند کرے گا اجلاس میں اہم فیصلے کیے گئے حکومت نے عوامی مسائل کے حل کے لیے اقدامات کا اعلان کیا ہے پشاور میں منعقدہ تقریب سے خطاب کرتے ہوئے انہوں نے کہا کہ ملک کی ترقی کے لیے سب کو مل کر کام کرنا ہوگا عوام کی خدمت ہماری اولین ترجیح ہے اور اس سلسلے میں کوئی کسر اٹھا نہیں رکھی جائے گی صوبائی حکومت نے مختلف منصوبوں کے لیے فنڈز جاری کر دیے ہیں جبکہ متعلقہ اداروں کو ہدایت کی گئی ہے کہ وہ کام جلد مکمل کریں
اخبار
53
روزنامہ اکثریت
اسلام آباد وزیراعظم عمران خان نے کہا ہے کہ بھارت نے مقبوضہ کشمیر کی خصوصی حیثیت ختم کرکے عالمی قوانین کی خلاف ورزی کی ہے پاکستان کشمیری عوام کے ساتھ کھڑا ہے اور ہر فورم پر ان کی آواز بلند کرے گا اجلاس میں اہم فیصلے کیے گئے حکومت نے عوامی مسائل کے حل کے لیے اقدامات کا اعلان کیا ہے پشاور میں منعقدہ تقریب سے خطاب کرتے ہوئے انہوں نے کہا کہ ملک کی ترقی کے لیے سب کو مل کر کام کرنا ہوگا عوام کی خدمت ہماری اولین ترجیح ہے اور اس سلسلے میں کوئی کسر اٹھا نہیں رکھی جائے گی صوبائی حکومت نے مختلف منصوبوں کے لیے فنڈز جاری کر دیے ہیں جبکہ متعلقہ اداروں کو ہدایت کی گئی ہے کہ وہ کام جلد مکمل کریں
اخبار
54
روزنامہ اکثریت
اسلام آباد وزیراعظم عمران خان نے کہا ہے کہ بھارت نے مقبوضہ کشمیر کی خصوصی حیثیت ختم کرکے عالمی قوانین کی خلاف ورزی کی ہے پاکستان کشمیری عوام کے ساتھ کھڑا ہے اور ہر فورم پر ان کی آواز بلند کرے گا اجلاس میں اہم فیصلے کیے گئے حکومت نے عوامی مسائل کے حل کے لیے اقدامات کا اعلان کیا ہے پشاور میں منعقدہ تقریب سے خطاب کرتے ہوئے انہوں نے کہا کہ ملک کی ترقی کے لیے سب کو مل کر کام کرنا ہوگا عوام کی خدمت ہماری اولین ترجیح ہے اور اس سلسلے میں کوئی کسر اٹھا نہیں رکھی جائے گی صوبائی حکومت نے مختلف منصوبوں کے لیے فنڈز جاری کر دیے ہیں جبکہ متعلقہ اداروں کو ہدایت کی گئی ہے کہ وہ کام جلد مکمل کریں
اخبار
55
روزنامہ اکثریت
اسلام آباد وزیراعظم عمران خان نے کہا ہے کہ بھارت نے مقبوضہ کشمیر کی خصوصی حیثیت ختم کرکے عالمی قوانین کی خلاف ورزی کی ہے پاکستان کشمیری عوام کے ساتھ کھڑا ہے اور ہر فورم پر ان کی آواز بلند کرے گا اجلاس میں اہم فیصلے کیے گئے حکومت نے عوامی مسائل کے حل کے لیے اقدامات کا اعلان کیا ہے پشاور میں منعقدہ تقریب سے خطاب کرتے ہوئے انہوں نے کہا کہ ملک کی ترقی کے لیے سب کو مل کر کام کرنا ہوگا عوام کی خدمت ہماری اولین ترجیح ہے اور اس سلسلے میں کوئی کسر اٹھا نہیں رکھی جائے گی صوبائی حکومت نے مختلف منصوبوں کے لیے فنڈز جاری کر دیے ہیں جبکہ متعلقہ اداروں کو ہدایت کی گئی ہے کہ وہ کام جلد مکمل کریں
اخبار
56
روزنامہ اکثریت
اسلام آباد وزیراعظم عمران خان نے کہا ہے کہ بھارت نے مقبوضہ کشمیر کی خصوصی حیثیت ختم کرکے عالمی قوانین کی خلاف ورزی کی ہے پاکستان کشمیری عوام کے ساتھ کھڑا ہے اور ہر فورم پر ان کی آواز بلند کرے گا اجلاس میں اہم فیصلے کیے گئے حکومت نے عوامی مسائل کے حل کے لیے اقدامات کا اعلان کیا ہے پشاور میں منعقدہ تقریب سے خطاب کرتے ہوئے انہوں نے کہا کہ ملک کی ترقی کے لیے سب کو مل کر کام کرنا ہوگا عوام کی خدمت ہماری اولین ترجیح ہے اور اس سلسلے میں کوئی کسر اٹھا نہیں رکھی جائے گی صوبائی حکومت نے مختلف منصوبوں کے لیے فنڈز جاری کر دیے ہیں جبکہ متعلقہ اداروں کو ہدایت کی گئی ہے کہ وہ کام جلد مکمل کریں
اخبار
57
روزنامہ اکثریت
اسلام آباد وزیراعظم عمران خان نے کہا ہے کہ بھارت نے مقبوضہ کشمیر کی خصوصی حیثیت ختم کرکے عالمی قوانین کی خلاف ورزی کی ہے پاکستان کشمیری عوام کے ساتھ کھڑا ہے اور ہر فورم پر ان کی آواز بلند کرے گا اجلاس میں اہم فیصلے کیے گئے حکومت نے عوامی مسائل کے حل کے لیے اقدامات کا اعلان کیا ہے پشاور میں منعقدہ تقریب سے خطاب کرتے ہوئے انہوں نے کہا کہ ملک کی ترقی کے لیے سب کو مل کر کام کرنا ہوگا عوام کی خدمت ہماری اولین ترجیح ہے اور اس سلسلے میں کوئی کسر اٹھا نہیں رکھی جائے گی صوبائی حکومت نے مختلف منصوبوں کے لیے فنڈز جاری کر دیے ہیں جبکہ متعلقہ اداروں کو ہدایت کی گئی ہے کہ وہ کام جلد مکمل کریں
اخبار
58
روزنامہ اکثریت
اسلام آباد وزیراعظم عمران خان نے کہا ہے کہ بھارت نے مقبوضہ کشمیر کی خصوصی حیثیت ختم کرکے عالمی قوانین کی خلاف ورزی کی ہے پاکستان کشمیری عوام کے ساتھ کھڑا ہے اور ہر فورم پر ان کی آواز بلند کرے گا اجلاس میں اہم فیصلے کیے گئے حکومت نے عوامی مسائل کے حل کے لیے اقدامات کا اعلان کیا ہے پشاور میں منعقدہ تقریب سے خطاب کرتے ہوئے انہوں نے کہا کہ ملک کی ترقی کے لیے سب کو مل کر کام کرنا ہوگا عوام کی خدمت ہماری اولین ترجیح ہے اور اس سلسلے میں کوئی کسر اٹھا نہیں رکھی جائے گی صوبائی حکومت نے مختلف منصوبوں کے لیے فنڈز جاری کر دیے ہیں جبکہ متعلقہ اداروں کو ہدایت کی گئی ہے کہ وہ کام جلد مکمل کریں
اخبار
59
روزنامہ اکثریت
اسلام آباد وزیراعظم عمران خان نے کہا ہے کہ بھارت نے مقبوضہ کشمیر کی خصوصی حیثیت ختم کرکے عالمی قوانین کی خلاف ورزی کی ہے پاکستان کشمیری عوام کے ساتھ کھڑا ہے اور ہر فورم پر ان کی آواز بلند کرے گا اجلاس میں اہم فیصلے کیے گئے حکومت نے عوامی مسائل کے حل کے لیے اقدامات کا اعلان کیا ہے پشاور میں منعقدہ تقریب سے خطاب کرتے ہوئے انہوں نے کہا کہ ملک کی ترقی کے لیے سب کو مل کر کام کرنا ہوگا عوام کی خدمت ہماری اولین ترجیح ہے اور اس سلسلے میں کوئی کسر اٹھا نہیں رکھی جائے گی صوبائی حکومت نے مختلف منصوبوں کے لیے فنڈز جاری کر دیے ہیں جبکہ متعلقہ اداروں کو ہدایت کی گئی ہے کہ وہ کام جلد مکمل کریں
اخبار
60
روزنامہ اکثریت
اسلام آباد وزیراعظم عمران خان نے کہا ہے کہ بھارت نے مقبوضہ کشمیر کی خصوصی حیثیت ختم کرکے عالمی قوانین کی خلاف ورزی کی ہے پاکستان کشمیری عوام کے ساتھ کھڑا ہے اور ہر فورم پر ان کی آواز بلند کرے گا اجلاس میں اہم فیصلے کیے گئے حکومت نے عوامی مسائل کے حل کے لیے اقدامات کا اعلان کیا ہے پشاور میں منعقدہ تقریب سے خطاب کرتے ہوئے انہوں نے کہا کہ ملک کی ترقی کے لیے سب کو مل کر کام کرنا ہوگا عوام کی خدمت ہماری اولین ترجیح ہے اور اس سلسلے میں کوئی کسر اٹھا نہیں رکھی جائے گی صوبائی حکومت نے مختلف منصوبوں کے لیے فنڈز جاری کر دیے ہیں جبکہ متعلقہ اداروں کو ہدایت کی گئی ہے کہ وہ کام جلد مکمل کریں
اخبار
61
روزنامہ اکثریت
اسلام آباد وزیراعظم عمران خان نے کہا ہے کہ بھارت نے مقبوضہ کشمیر کی خصوصی حیثیت ختم کرکے عالمی قوانین کی خلاف ورزی کی ہے پاکستان کشمیری عوام کے ساتھ کھڑا ہے اور ہر فورم پر ان کی آواز بلند کرے گا اجلاس میں اہم فیصلے کیے گئے حکومت نے عوامی مسائل کے حل کے لیے اقدامات کا اعلان کیا ہے پشاور میں منعقدہ تقریب سے خطاب کرتے ہوئے انہوں نے کہا کہ ملک کی ترقی کے لیے سب کو مل کر کام کرنا ہوگا عوام کی خدمت ہماری اولین ترجیح ہے اور اس سلسلے میں کوئی کسر اٹھا نہیں رکھی جائے گی صوبائی حکومت نے مختلف منصوبوں کے لیے فنڈز جاری کر دیے ہیں جبکہ متعلقہ اداروں کو ہدایت کی گئی ہے کہ وہ کام جلد مکمل کریں
اخبار
62
روزنامہ اکثریت
اسلام آباد وزیراعظم عمران خان نے کہا ہے کہ بھارت نے مقبوضہ کشمیر کی خصوصی حیثیت ختم کرکے عالمی قوانین کی خلاف ورزی کی ہے پاکستان کشمیری عوام کے ساتھ کھڑا ہے اور ہر فورم پر ان کی آواز بلند کرے گا اجلاس میں اہم فیصلے کیے گئے حکومت نے عوامی مسائل کے حل کے لیے اقدامات کا اعلان کیا ہے پشاور میں منعقدہ تقریب سے خطاب کرتے ہوئے انہوں نے کہا کہ ملک کی ترقی کے لیے سب کو مل کر کام کرنا ہوگا عوام کی خدمت ہماری اولین ترجیح ہے اور اس سلسلے میں کوئی کسر اٹھا نہیں رکھی جائے گی صوبائی حکومت نے مختلف منصوبوں کے لیے فنڈز جاری کر دیے ہیں جبکہ متعلقہ اداروں کو ہدایت کی گئی ہے کہ وہ کام جلد مکمل کریں
اخبار
63
روزنامہ اکثریت
اسلام آباد وزیراعظم عمران خان نے کہا ہے کہ بھارت نے مقبوضہ کشمیر کی خصوصی حیثیت ختم کرکے عالمی قوانین کی خلاف ورزی کی ہے پاکستان کشمیری عوام کے ساتھ کھڑا ہے اور ہر فورم پر ان کی آواز بلند کرے گا اجلاس میں اہم فیصلے کیے گئے حکومت نے عوامی مسائل کے حل کے لیے اقدامات کا اعلان کیا ہے پشاور میں منعقدہ تقریب سے خطاب کرتے ہوئے انہوں نے کہا کہ ملک کی ترقی کے لیے سب کو مل کر کام کرنا ہوگا عوام کی خدمت ہماری اولین ترجیح ہے اور اس سلسلے میں کوئی کسر اٹھا نہیں رکھی جائے گی صوبائی حکومت نے مختلف منصوبوں کے لیے فنڈز جاری کر دیے ہیں جبکہ متعلقہ اداروں کو ہدایت کی گئی ہے کہ وہ کام جلد مکمل کریں
اخبار
64
روزنامہ اکثریت
اسلام آباد وزیراعظم عمران خان نے کہا ہے کہ بھارت نے مقبوضہ کشمیر کی خصوصی حیثیت ختم کرکے عالمی قوانین کی خلاف ورزی کی ہے پاکستان کشمیری عوام کے ساتھ کھڑا ہے اور ہر فورم پر ان کی آواز بلند کرے گا اجلاس میں اہم فیصلے کیے گئے حکومت نے عوامی مسائل کے حل کے لیے اقدامات کا اعلان کیا ہے پشاور میں منعقدہ تقریب سے خطاب کرتے ہوئے انہوں نے کہا کہ ملک کی ترقی کے لیے سب کو مل کر کام کرنا ہوگا عوام کی خدمت ہماری اولین ترجیح ہے اور اس سلسلے میں کوئی کسر اٹھا نہیں رکھی جائے گی صوبائی حکومت نے مختلف منصوبوں کے لیے فنڈز جاری کر دیے ہیں جبکہ متعلقہ اداروں کو ہدایت کی گئی ہے کہ وہ کام جلد مکمل کریں
اخبار
65
روزنامہ اکثریت
اسلام آباد وزیراعظم عمران خان نے کہا ہے کہ بھارت نے مقبوضہ کشمیر کی خصوصی حیثیت ختم کرکے عالمی قوانین کی خلاف ورزی کی ہے پاکستان کشمیری عوام کے ساتھ کھڑا ہے اور ہر فورم پر ان کی آواز بلند کرے گا اجلاس میں اہم فیصلے کیے گئے حکومت نے عوامی مسائل کے حل کے لیے اقدامات کا اعلان کیا ہے پشاور میں منعقدہ تقریب سے خطاب کرتے ہوئے انہوں نے کہا کہ ملک کی ترقی کے لیے سب کو مل کر کام کرنا ہوگا عوام کی خدمت ہماری اولین ترجیح ہے اور اس سلسلے میں کوئی کسر اٹھا نہیں رکھی جائے گی صوبائی حکومت نے مختلف منصوبوں کے لیے فنڈز جاری کر دیے ہیں جبکہ متعلقہ اداروں کو ہدایت کی گئی ہے کہ وہ کام جلد مکمل کریں
اخبار
66
روزنامہ اکثریت
اسلام آباد وزیراعظم عمران خان نے کہا ہے کہ بھارت نے مقبوضہ کشمیر کی خصوصی حیثیت ختم کرکے عالمی قوانین کی خلاف ورزی کی ہے پاکستان کشمیری عوام کے ساتھ کھڑا ہے اور ہر فورم پر ان کی آواز بلند کرے گا اجلاس میں اہم فیصلے کیے گئے حکومت نے عوامی مسائل کے حل کے لیے اقدامات کا اعلان کیا ہے پشاور میں منعقدہ تقریب سے خطاب کرتے ہوئے انہوں نے کہا کہ ملک کی ترقی کے لیے سب کو مل کر کام کرنا ہوگا عوام کی خدمت ہماری اولین ترجیح ہے اور اس سلسلے میں کوئی کسر اٹھا نہیں رکھی جائے گی صوبائی حکومت نے مختلف منصوبوں کے لیے فنڈز جاری کر دیے ہیں جبکہ متعلقہ اداروں کو ہدایت کی گئی ہے کہ وہ کام جلد مکمل کریں
اخبار
67
روزنامہ اکثریت
اسلام آباد وزیراعظم عمران خان نے کہا ہے کہ بھارت نے مقبوضہ کشمیر کی خصوصی حیثیت ختم کرکے عالمی قوانین کی خلاف ورزی کی ہے پاکستان کشمیری عوام کے ساتھ کھڑا ہے اور ہر فورم پر ان کی آواز بلند کرے گا اجلاس میں اہم فیصلے کیے گئے حکومت نے عوامی مسائل کے حل کے لیے اقدامات کا اعلان کیا ہے پشاور میں منعقدہ تقریب سے خطاب کرتے ہوئے انہوں نے کہا کہ ملک کی ترقی کے لیے سب کو مل کر کام کرنا ہوگا عوام کی خدمت ہماری اولین ترجیح ہے اور اس سلسلے میں کوئی کسر اٹھا نہیں رکھی جائے گی صوبائی حکومت نے مختلف منصوبوں کے لیے فنڈز جاری کر دیے ہیں جبکہ متعلقہ اداروں کو ہدایت کی گئی ہے کہ وہ کام جلد مکمل کریں
اخبار
68
روزنامہ اکثریت
اسلام آباد وزیراعظم عمران خان نے کہا ہے کہ بھارت نے مقبوضہ کشمیر کی خصوصی حیثیت ختم کرکے عالمی قوانین کی خلاف ورزی کی ہے پاکستان کشمیری عوام کے ساتھ کھڑا ہے اور ہر فورم پر ان کی آواز بلند کرے گا اجلاس میں اہم فیصلے کیے گئے حکومت نے عوامی مسائل کے حل کے لیے اقدامات کا اعلان کیا ہے پشاور میں منعقدہ تقریب سے خطاب کرتے ہوئے انہوں نے کہا کہ ملک کی ترقی کے لیے سب کو مل کر کام کرنا ہوگا عوام کی خدمت ہماری اولین ترجیح ہے اور اس سلسلے میں کوئی کسر اٹھا نہیں رکھی جائے گی صوبائی حکومت نے مختلف منصوبوں کے لیے فنڈز جاری کر دیے ہیں جبکہ متعلقہ اداروں کو ہدایت کی گئی ہے کہ وہ کام جلد مکمل کریں
اخبار
69
روزنامہ اکثریت
اسلام آباد وزیراعظم عمران خان نے کہا ہے کہ بھارت نے مقبوضہ کشمیر کی خصوصی حیثیت ختم کرکے عالمی قوانین کی خلاف ورزی کی ہے پاکستان کشمیری عوام کے ساتھ کھڑا ہے اور ہر فورم پر ان کی آواز بلند کرے گا اجلاس میں اہم فیصلے کیے گئے حکومت نے عوامی مسائل کے حل کے لیے اقدامات کا اعلان کیا ہے پشاور میں منعقدہ تقریب سے خطاب کرتے ہوئے انہوں نے کہا کہ ملک کی ترقی کے لیے سب کو مل کر کام کرنا ہوگا عوام کی خدمت ہماری اولین ترجیح ہے اور اس سلسلے میں کوئی کسر اٹھا نہیں رکھی جائے گی صوبائی حکومت نے مختلف منصوبوں کے لیے فنڈز جاری کر دیے ہیں جبکہ متعلقہ اداروں کو ہدایت کی گئی ہے کہ وہ کام جلد مکمل کریں
اخبار
70
روزنامہ اکثریت
اسلام آباد وزیراعظم عمران خان نے کہا ہے کہ بھارت نے مقبوضہ کشمیر کی خصوصی حیثیت ختم کرکے عالمی قوانین کی خلاف ورزی کی ہے پاکستان کشمیری عوام کے ساتھ کھڑا ہے اور ہر فورم پر ان کی آواز بلند کرے گا اجلاس میں اہم فیصلے کیے گئے حکومت نے عوامی مسائل کے حل کے لیے اقدامات کا اعلان کیا ہے پشاور میں منعقدہ تقریب سے خطاب کرتے ہوئے انہوں نے کہا کہ ملک کی ترقی کے لیے سب کو مل کر کام کرنا ہوگا عوام کی خدمت ہماری اولین ترجیح ہے اور اس سلسلے میں کوئی کسر اٹھا نہیں رکھی جائے گی صوبائی حکومت نے مختلف منصوبوں کے لیے فنڈز جاری کر دیے ہیں جبکہ متعلقہ اداروں کو ہدایت کی گئی ہے کہ وہ کام جلد مکمل کریں
اخبار
71
روزنامہ اکثریت
اسلام آباد وزیراعظم عمران خان نے کہا ہے کہ بھارت نے مقبوضہ کشمیر کی خصوصی حیثیت ختم کرکے عالمی قوانین کی خلاف ورزی کی ہے پاکستان کشمیری عوام کے ساتھ کھڑا ہے اور ہر فورم پر ان کی آواز بلند کرے گا اجلاس میں اہم فیصلے کیے گئے حکومت نے عوامی مسائل کے حل کے لیے اقدامات کا اعلان کیا ہے پشاور میں منعقدہ تقریب سے خطاب کرتے ہوئے انہوں نے کہا کہ ملک کی ترقی کے لیے سب کو مل کر کام کرنا ہوگا عوام کی خدمت ہماری اولین ترجیح ہے اور اس سلسلے میں کوئی کسر اٹھا نہیں رکھی جائے گی صوبائی حکومت نے مختلف منصوبوں کے لیے فنڈز جاری کر دیے ہیں جبکہ متعلقہ اداروں کو ہدایت کی گئی ہے کہ وہ کام جلد مکمل کریں
اخبار
72
روزنامہ اکثریت
اسلام آباد وزیراعظم عمران خان نے کہا ہے کہ بھارت نے مقبوضہ کشمیر کی خصوصی حیثیت ختم کرکے عالمی قوانین کی خلاف ورزی کی ہے پاکستان کشمیری عوام کے ساتھ کھڑا ہے اور ہر فورم پر ان کی آواز بلند کرے گا اجلاس میں اہم فیصلے کیے گئے حکومت نے عوامی مسائل کے حل کے لیے اقدامات کا اعلان کیا ہے پشاور میں منعقدہ تقریب سے خطاب کرتے ہوئے انہوں نے کہا کہ ملک کی ترقی کے لیے سب کو مل کر کام کرنا ہوگا عوام کی خدمت ہماری اولین ترجیح ہے اور اس سلسلے میں کوئی کسر اٹھا نہیں رکھی جائے گی صوبائی حکومت نے مختلف منصوبوں کے لیے فنڈز جاری کر دیے ہیں جبکہ متعلقہ اداروں کو ہدایت کی گئی ہے کہ وہ کام جلد مکمل کریں
